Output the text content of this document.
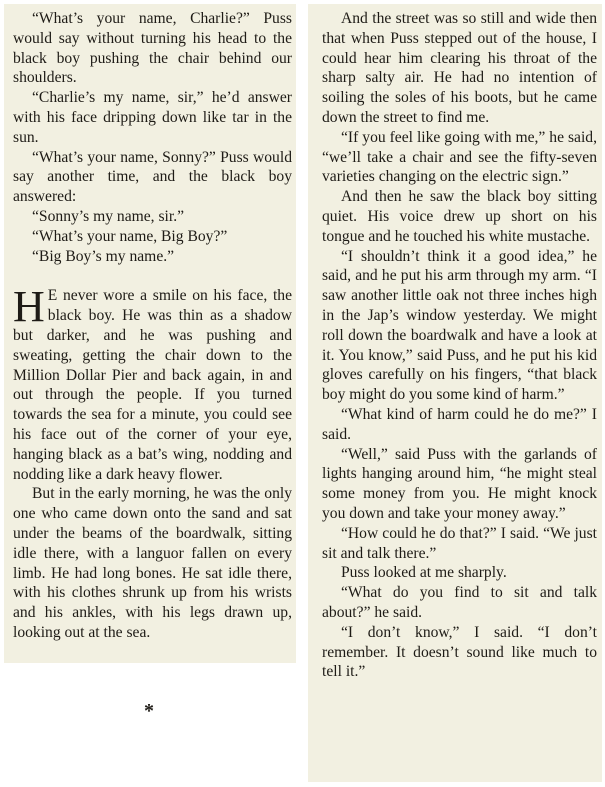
“What’s your name, Charlie?” Puss would say without turning his head to the black boy pushing the chair behind our shoulders.

“Charlie’s my name, sir,” he’d answer with his face dripping down like tar in the sun.

“What’s your name, Sonny?” Puss would say another time, and the black boy answered:

“Sonny’s my name, sir.”

“What’s your name, Big Boy?”

“Big Boy’s my name.”

H E never wore a smile on his face, the black boy. He was thin as a shadow but darker, and he was pushing and sweating, getting the chair down to the Million Dollar Pier and back again, in and out through the people. If you turned towards the sea for a minute, you could see his face out of the corner of your eye, hanging black as a bat’s wing, nodding and nodding like a dark heavy flower.

But in the early morning, he was the only one who came down onto the sand and sat under the beams of the boardwalk, sitting idle there, with a languor fallen on every limb. He had long bones. He sat idle there, with his clothes shrunk up from his wrists and his ankles, with his legs drawn up, looking out at the sea.

*

And the street was so still and wide then that when Puss stepped out of the house, I could hear him clearing his throat of the sharp salty air. He had no intention of soiling the soles of his boots, but he came down the street to find me.

“If you feel like going with me,” he said, “we’ll take a chair and see the fifty-seven varieties changing on the electric sign.”

And then he saw the black boy sitting quiet. His voice drew up short on his tongue and he touched his white mustache.

“I shouldn’t think it a good idea,” he said, and he put his arm through my arm. “I saw another little oak not three inches high in the Jap’s window yesterday. We might roll down the boardwalk and have a look at it. You know,” said Puss, and he put his kid gloves carefully on his fingers, “that black boy might do you some kind of harm.”

“What kind of harm could he do me?” I said.

“Well,” said Puss with the garlands of lights hanging around him, “he might steal some money from you. He might knock you down and take your money away.”

“How could he do that?” I said. “We just sit and talk there.”

Puss looked at me sharply.

“What do you find to sit and talk about?” he said.

“I don’t know,” I said. “I don’t remember. It doesn’t sound like much to tell it.”
